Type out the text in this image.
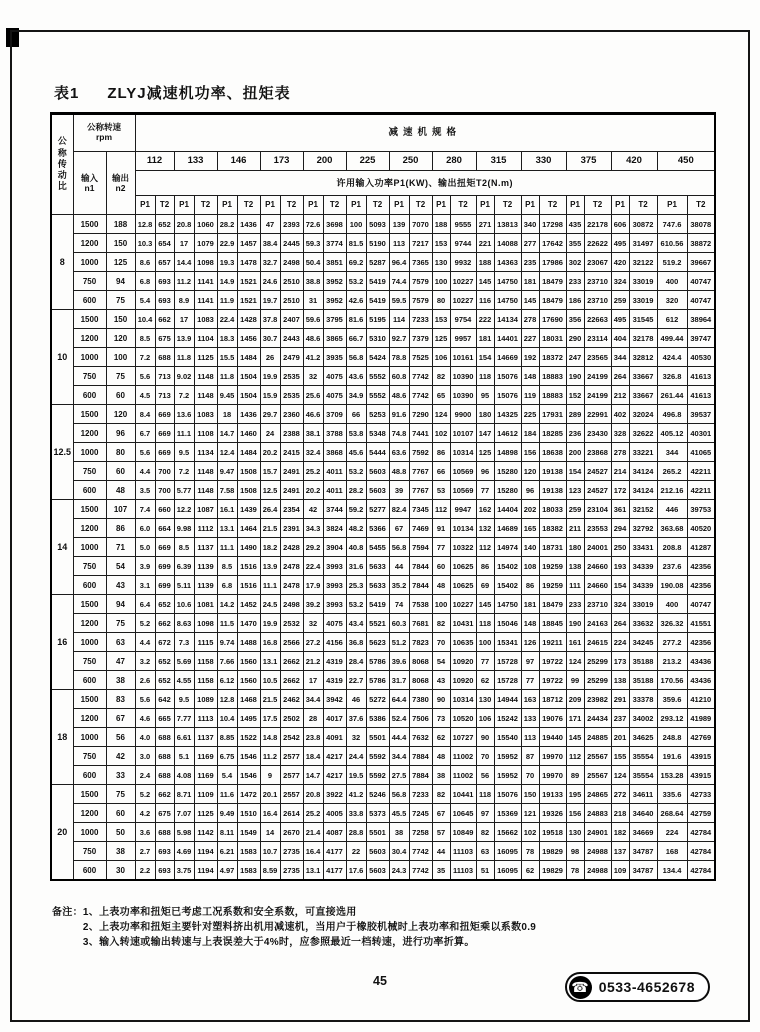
表1 ZLYJ减速机功率、扭矩表
公
称
传
动
比

公称转速
rpm	减速机规格

输入
n1

输出
n2
	112	133	146	173	200	225	250	280	315	330	375	420	450
			许用输入功率P1(KW)、输出扭矩T2(N.m)																									
			P1	T2	P1	T2	P1	T2	P1	T2	P1	T2	P1	T2	P1	T2	P1	T2	P1	T2	P1	T2	P1	T2	P1	T2	P1	T2
8	1500	188	12.8	652	20.8	1060	28.2	1436	47	2393	72.6	3698	100	5093	139	7070	188	9555	271	13813	340	17298	435	22178	606	30872	747.6	38078
	1200	150	10.3	654	17	1079	22.9	1457	38.4	2445	59.3	3774	81.5	5190	113	7217	153	9744	221	14088	277	17642	355	22622	495	31497	610.56	38872
	1000	125	8.6	657	14.4	1098	19.3	1478	32.7	2498	50.4	3851	69.2	5287	96.4	7365	130	9932	188	14363	235	17986	302	23067	420	32122	519.2	39667
	750	94	6.8	693	11.2	1141	14.9	1521	24.6	2510	38.8	3952	53.2	5419	74.4	7579	100	10227	145	14750	181	18479	233	23710	324	33019	400	40747
	600	75	5.4	693	8.9	1141	11.9	1521	19.7	2510	31	3952	42.6	5419	59.5	7579	80	10227	116	14750	145	18479	186	23710	259	33019	320	40747
10	1500	150	10.4	662	17	1083	22.4	1428	37.8	2407	59.6	3795	81.6	5195	114	7233	153	9754	222	14134	278	17690	356	22663	495	31545	612	38964
	1200	120	8.5	675	13.9	1104	18.3	1456	30.7	2443	48.6	3865	66.7	5310	92.7	7379	125	9957	181	14401	227	18031	290	23114	404	32178	499.44	39747
	1000	100	7.2	688	11.8	1125	15.5	1484	26	2479	41.2	3935	56.8	5424	78.8	7525	106	10161	154	14669	192	18372	247	23565	344	32812	424.4	40530
	750	75	5.6	713	9.02	1148	11.8	1504	19.9	2535	32	4075	43.6	5552	60.8	7742	82	10390	118	15076	148	18883	190	24199	264	33667	326.8	41613
	600	60	4.5	713	7.2	1148	9.45	1504	15.9	2535	25.6	4075	34.9	5552	48.6	7742	65	10390	95	15076	119	18883	152	24199	212	33667	261.44	41613
12.5	1500	120	8.4	669	13.6	1083	18	1436	29.7	2360	46.6	3709	66	5253	91.6	7290	124	9900	180	14325	225	17931	289	22991	402	32024	496.8	39537
	1200	96	6.7	669	11.1	1108	14.7	1460	24	2388	38.1	3788	53.8	5348	74.8	7441	102	10107	147	14612	184	18285	236	23430	328	32622	405.12	40301
	1000	80	5.6	669	9.5	1134	12.4	1484	20.2	2415	32.4	3868	45.6	5444	63.6	7592	86	10314	125	14898	156	18638	200	23868	278	33221	344	41065
	750	60	4.4	700	7.2	1148	9.47	1508	15.7	2491	25.2	4011	53.2	5603	48.8	7767	66	10569	96	15280	120	19138	154	24527	214	34124	265.2	42211
	600	48	3.5	700	5.77	1148	7.58	1508	12.5	2491	20.2	4011	28.2	5603	39	7767	53	10569	77	15280	96	19138	123	24527	172	34124	212.16	42211
14	1500	107	7.4	660	12.2	1087	16.1	1439	26.4	2354	42	3744	59.2	5277	82.4	7345	112	9947	162	14404	202	18033	259	23104	361	32152	446	39753
	1200	86	6.0	664	9.98	1112	13.1	1464	21.5	2391	34.3	3824	48.2	5366	67	7469	91	10134	132	14689	165	18382	211	23553	294	32792	363.68	40520
	1000	71	5.0	669	8.5	1137	11.1	1490	18.2	2428	29.2	3904	40.8	5455	56.8	7594	77	10322	112	14974	140	18731	180	24001	250	33431	208.8	41287
	750	54	3.9	699	6.39	1139	8.5	1516	13.9	2478	22.4	3993	31.6	5633	44	7844	60	10625	86	15402	108	19259	138	24660	193	34339	237.6	42356
	600	43	3.1	699	5.11	1139	6.8	1516	11.1	2478	17.9	3993	25.3	5633	35.2	7844	48	10625	69	15402	86	19259	111	24660	154	34339	190.08	42356
16	1500	94	6.4	652	10.6	1081	14.2	1452	24.5	2498	39.2	3993	53.2	5419	74	7538	100	10227	145	14750	181	18479	233	23710	324	33019	400	40747
	1200	75	5.2	662	8.63	1098	11.5	1470	19.9	2532	32	4075	43.4	5521	60.3	7681	82	10431	118	15046	148	18845	190	24163	264	33632	326.32	41551
	1000	63	4.4	672	7.3	1115	9.74	1488	16.8	2566	27.2	4156	36.8	5623	51.2	7823	70	10635	100	15341	126	19211	161	24615	224	34245	277.2	42356
	750	47	3.2	652	5.69	1158	7.66	1560	13.1	2662	21.2	4319	28.4	5786	39.6	8068	54	10920	77	15728	97	19722	124	25299	173	35188	213.2	43436
	600	38	2.6	652	4.55	1158	6.12	1560	10.5	2662	17	4319	22.7	5786	31.7	8068	43	10920	62	15728	77	19722	99	25299	138	35188	170.56	43436
18	1500	83	5.6	642	9.5	1089	12.8	1468	21.5	2462	34.4	3942	46	5272	64.4	7380	90	10314	130	14944	163	18712	209	23982	291	33378	359.6	41210
	1200	67	4.6	665	7.77	1113	10.4	1495	17.5	2502	28	4017	37.6	5386	52.4	7506	73	10520	106	15242	133	19076	171	24434	237	34002	293.12	41989
	1000	56	4.0	688	6.61	1137	8.85	1522	14.8	2542	23.8	4091	32	5501	44.4	7632	62	10727	90	15540	113	19440	145	24885	201	34625	248.8	42769
	750	42	3.0	688	5.1	1169	6.75	1546	11.2	2577	18.4	4217	24.4	5592	34.4	7884	48	11002	70	15952	87	19970	112	25567	155	35554	191.6	43915
	600	33	2.4	688	4.08	1169	5.4	1546	9	2577	14.7	4217	19.5	5592	27.5	7884	38	11002	56	15952	70	19970	89	25567	124	35554	153.28	43915
20	1500	75	5.2	662	8.71	1109	11.6	1472	20.1	2557	20.8	3922	41.2	5246	56.8	7233	82	10441	118	15076	150	19133	195	24865	272	34611	335.6	42733
	1200	60	4.2	675	7.07	1125	9.49	1510	16.4	2614	25.2	4005	33.8	5373	45.5	7245	67	10645	97	15369	121	19326	156	24883	218	34640	268.64	42759
	1000	50	3.6	688	5.98	1142	8.11	1549	14	2670	21.4	4087	28.8	5501	38	7258	57	10849	82	15662	102	19518	130	24901	182	34669	224	42784
	750	38	2.7	693	4.69	1194	6.21	1583	10.7	2735	16.4	4177	22	5603	30.4	7742	44	11103	63	16095	78	19829	98	24988	137	34787	168	42784
	600	30	2.2	693	3.75	1194	4.97	1583	8.59	2735	13.1	4177	17.6	5603	24.3	7742	35	11103	51	16095	62	19829	78	24988	109	34787	134.4	42784
备注： 1、上表功率和扭矩已考虑工况系数和安全系数，可直接选用
2、上表功率和扭矩主要针对塑料挤出机用减速机，当用户于橡胶机械时上表功率和扭矩乘以系数0.9
3、输入转速或输出转速与上表误差大于4%时，应参照最近一档转速，进行功率折算。
45	☎ 0533-4652678
